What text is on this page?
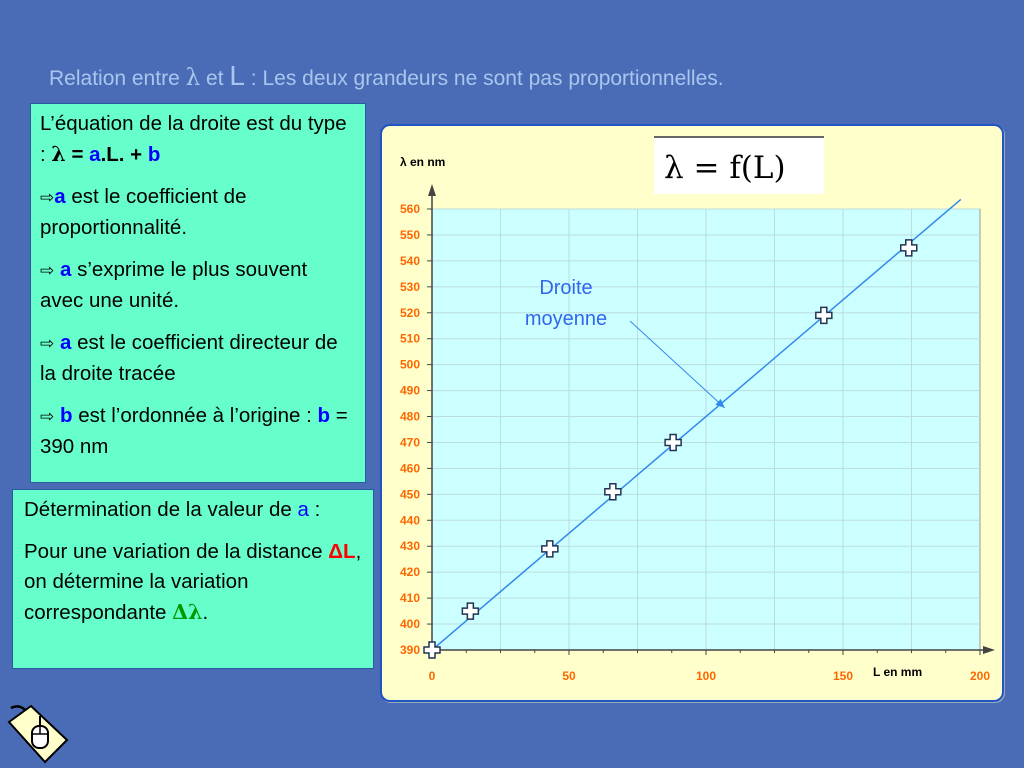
Relation entre λ et L : Les deux grandeurs ne sont pas proportionnelles.

L’équation de la droite est du type : λ = a.L. + b

⇨a est le coefficient de proportionnalité.

⇨ a s’exprime le plus souvent avec une unité.

⇨ a est le coefficient directeur de la droite tracée

⇨ b est l’ordonnée à l’origine : b = 390 nm

Détermination de la valeur de a :

Pour une variation de la distance ΔL, on détermine la variation correspondante Δλ.

390
400
410
420
430
440
450
460
470
480
490
500
510
520
530
540
550
560
0	50	100	150	200
λ en nm
L en mm
Droite
moyenne
λ = f(L)
